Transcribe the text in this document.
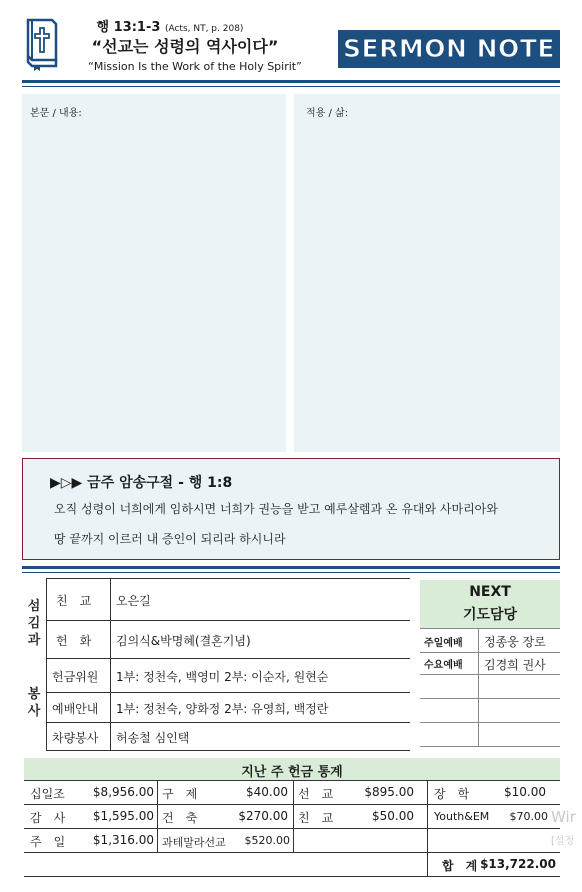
행 13:1-3 (Acts, NT, p. 208)
“선교는 성령의 역사이다”
“Mission Is the Work of the Holy Spirit”
SERMON NOTE
본문 / 내용:	적용 / 삶:
▶▷▶ 금주 암송구절 - 행 1:8
오직 성령이 너희에게 임하시면 너희가 권능을 받고 예루살렘과 온 유대와 사마리아와
땅 끝까지 이르러 내 증인이 되리라 하시니라
섬
김
과
봉
사
친　교 오은길
헌　화 김의식&박명혜(결혼기념)
헌금위원 1부: 정천숙, 백영미 2부: 이순자, 원현순
예배안내 1부: 정천숙, 양화정 2부: 유영희, 백정란
차량봉사 허송철 심인택
NEXT
기도담당
주일예배 정종웅 장로
수요예배 김경희 권사
지난 주 헌금 통계
십일조	$8,956.00 구　제	$40.00 선　교	$895.00 장　학	$10.00
감　사	$1,595.00 건　축	$270.00 친　교	$50.00 Youth&EM	$70.00
주　일	$1,316.00 과테말라선교	$520.00
합　계 $13,722.00
Wir
[설정
